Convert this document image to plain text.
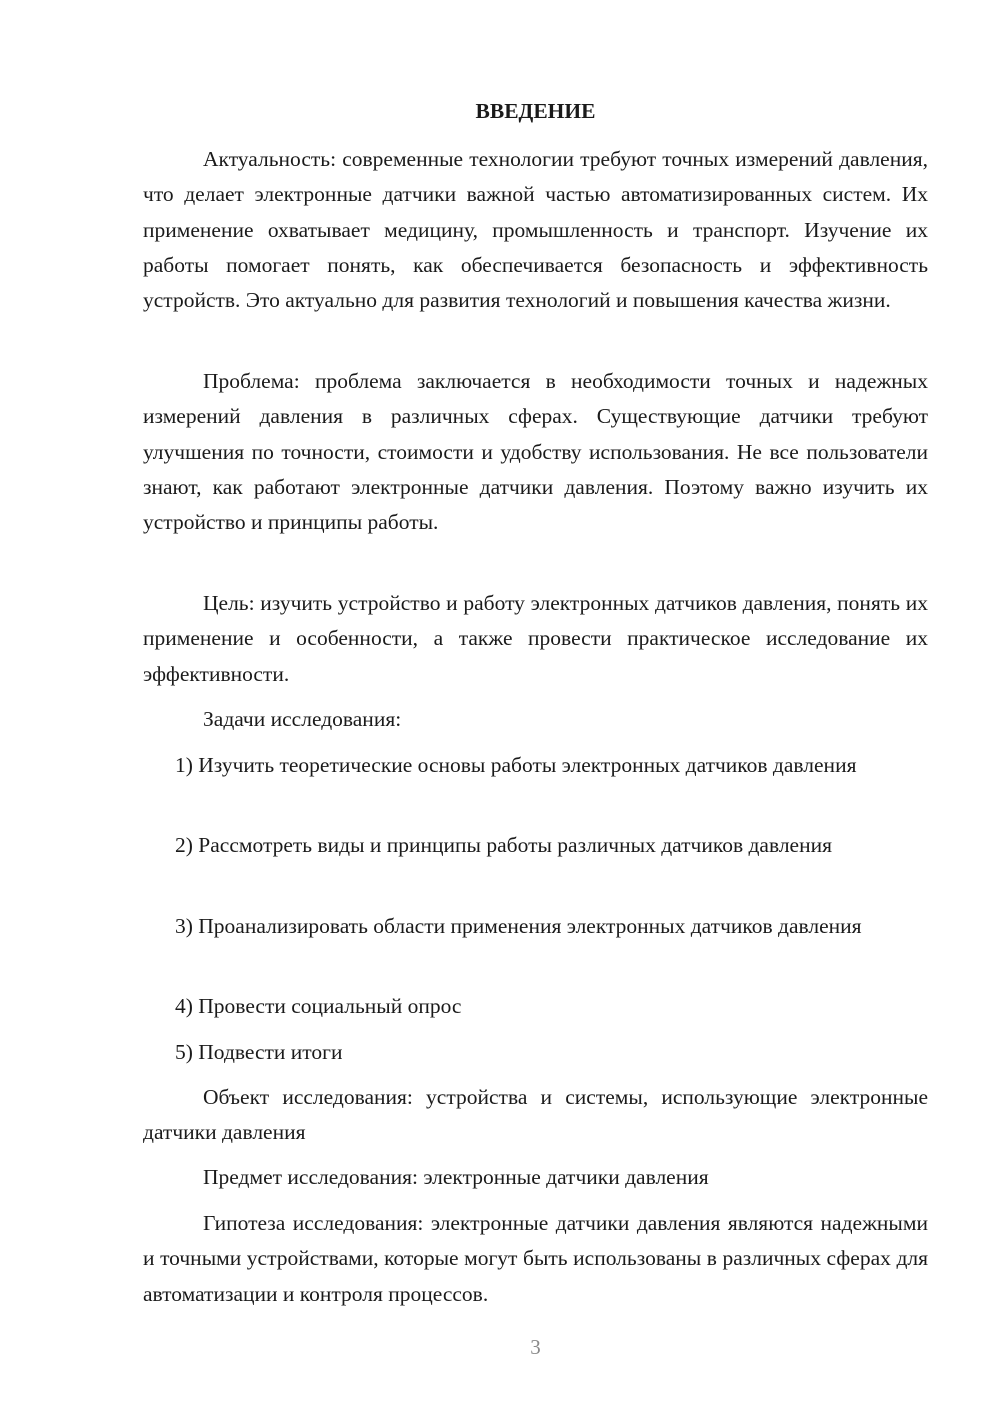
ВВЕДЕНИЕ

Актуальность: современные технологии требуют точных измерений давления, что делает электронные датчики важной частью автоматизированных систем. Их применение охватывает медицину, промышленность и транспорт. Изучение их работы помогает понять, как обеспечивается безопасность и эффективность устройств. Это актуально для развития технологий и повышения качества жизни.

Проблема: проблема заключается в необходимости точных и надежных измерений давления в различных сферах. Существующие датчики требуют улучшения по точности, стоимости и удобству использования. Не все пользователи знают, как работают электронные датчики давления. Поэтому важно изучить их устройство и принципы работы.

Цель: изучить устройство и работу электронных датчиков давления, понять их применение и особенности, а также провести практическое исследование их эффективности.

Задачи исследования:

1) Изучить теоретические основы работы электронных датчиков давления

2) Рассмотреть виды и принципы работы различных датчиков давления

3) Проанализировать области применения электронных датчиков давления

4) Провести социальный опрос

5) Подвести итоги

Объект исследования: устройства и системы, использующие электронные датчики давления

Предмет исследования: электронные датчики давления

Гипотеза исследования: электронные датчики давления являются надежными и точными устройствами, которые могут быть использованы в различных сферах для автоматизации и контроля процессов.

3
